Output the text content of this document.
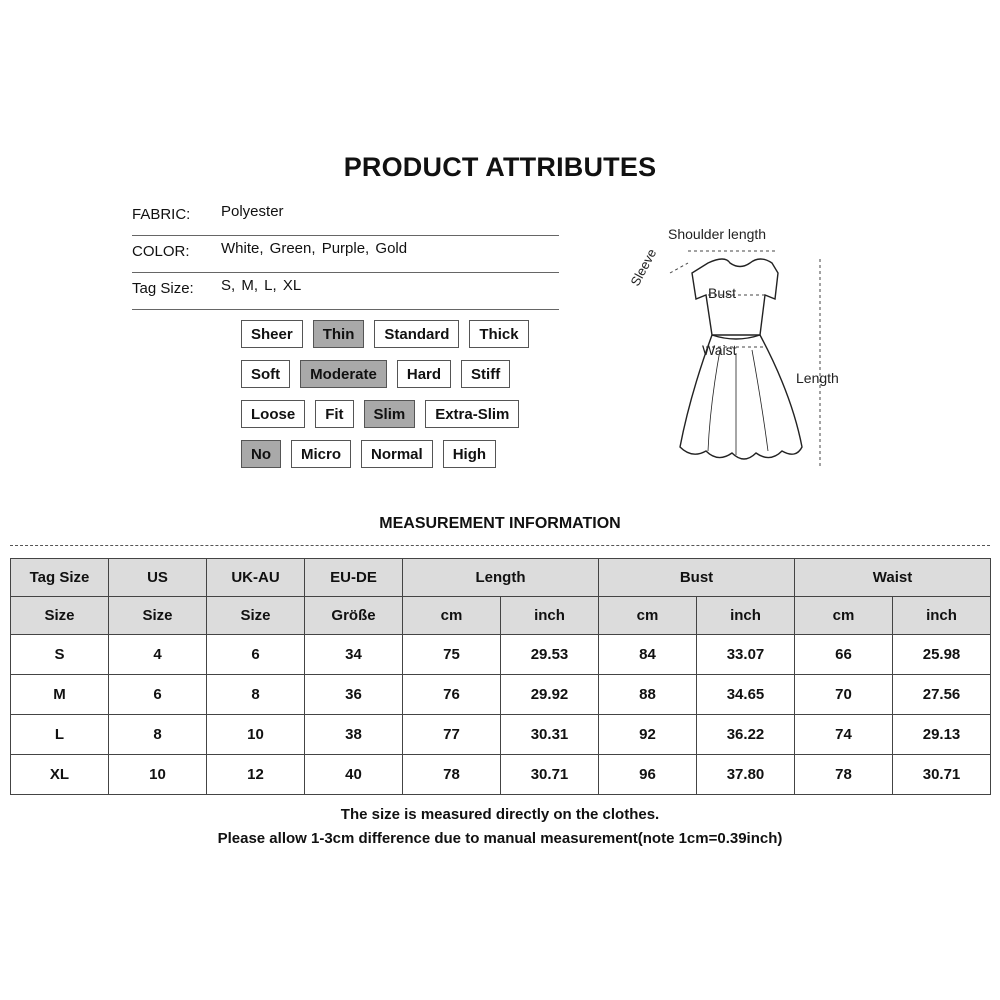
PRODUCT ATTRIBUTES
FABRIC: Polyester
COLOR: White, Green, Purple, Gold
Tag Size: S, M, L, XL
Sheer	Thin	Standard	Thick
Soft	Moderate	Hard	Stiff
Loose	Fit	Slim	Extra-Slim
No	Micro	Normal	High
Shoulder length
Sleeve
Bust
Waist
Length
MEASUREMENT INFORMATION
Tag Size	US	UK-AU	EU-DE	Length		Bust		Waist	
Size	Size	Size	Größe	cm	inch	cm	inch	cm	inch
S	4	6	34	75	29.53	84	33.07	66	25.98
M	6	8	36	76	29.92	88	34.65	70	27.56
L	8	10	38	77	30.31	92	36.22	74	29.13
XL	10	12	40	78	30.71	96	37.80	78	30.71
The size is measured directly on the clothes.
Please allow 1-3cm difference due to manual measurement(note 1cm=0.39inch)
